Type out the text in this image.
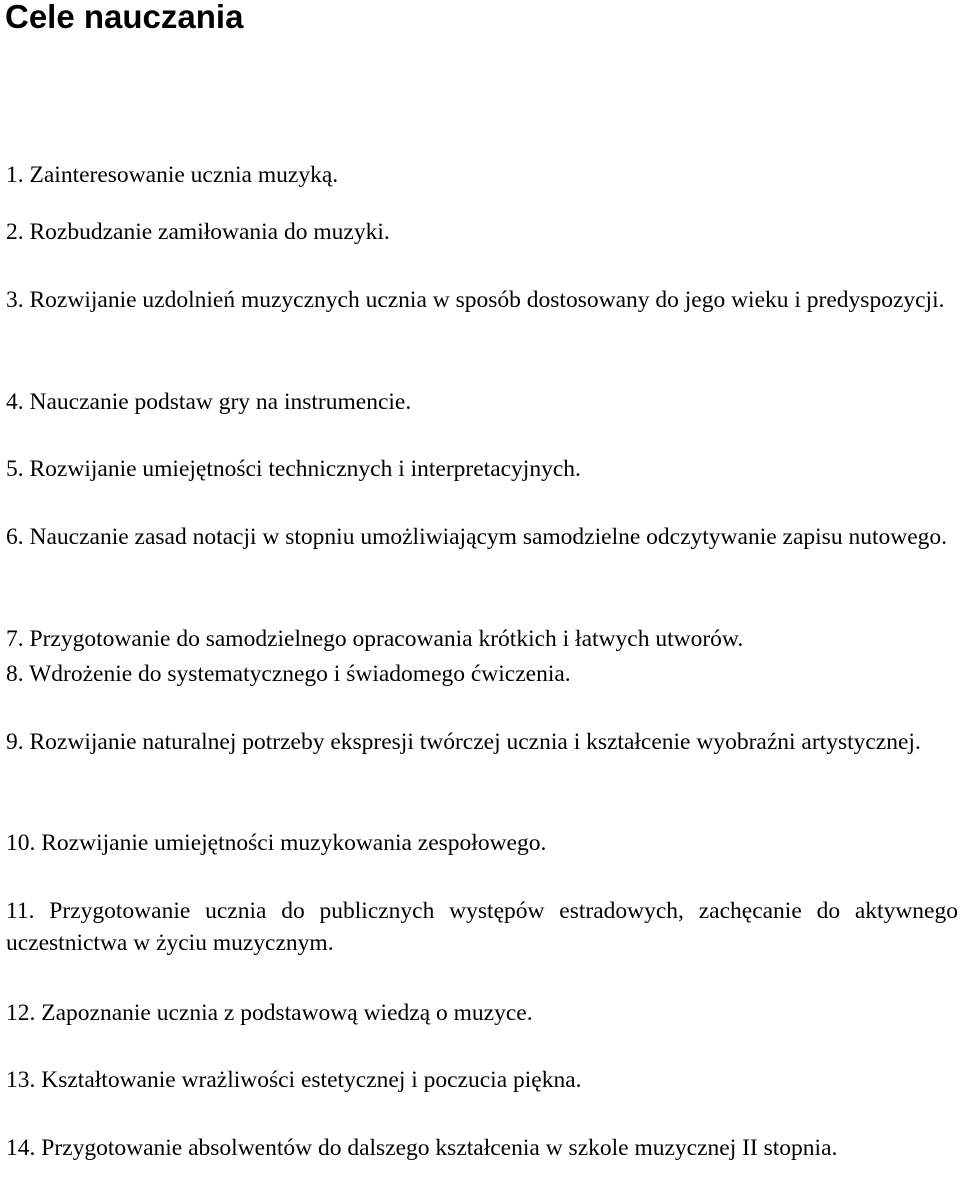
Cele nauczania

1. Zainteresowanie ucznia muzyką.

2. Rozbudzanie zamiłowania do muzyki.

3. Rozwijanie uzdolnień muzycznych ucznia w sposób dostosowany do jego wieku i predyspozycji.

4. Nauczanie podstaw gry na instrumencie.

5. Rozwijanie umiejętności technicznych i interpretacyjnych.

6. Nauczanie zasad notacji w stopniu umożliwiającym samodzielne odczytywanie zapisu nutowego.

7. Przygotowanie do samodzielnego opracowania krótkich i łatwych utworów.

8. Wdrożenie do systematycznego i świadomego ćwiczenia.

9. Rozwijanie naturalnej potrzeby ekspresji twórczej ucznia i kształcenie wyobraźni artystycznej.

10. Rozwijanie umiejętności muzykowania zespołowego.

11. Przygotowanie ucznia do publicznych występów estradowych, zachęcanie do aktywnego uczestnictwa w życiu muzycznym.

12. Zapoznanie ucznia z podstawową wiedzą o muzyce.

13. Kształtowanie wrażliwości estetycznej i poczucia piękna.

14. Przygotowanie absolwentów do dalszego kształcenia w szkole muzycznej II stopnia.
